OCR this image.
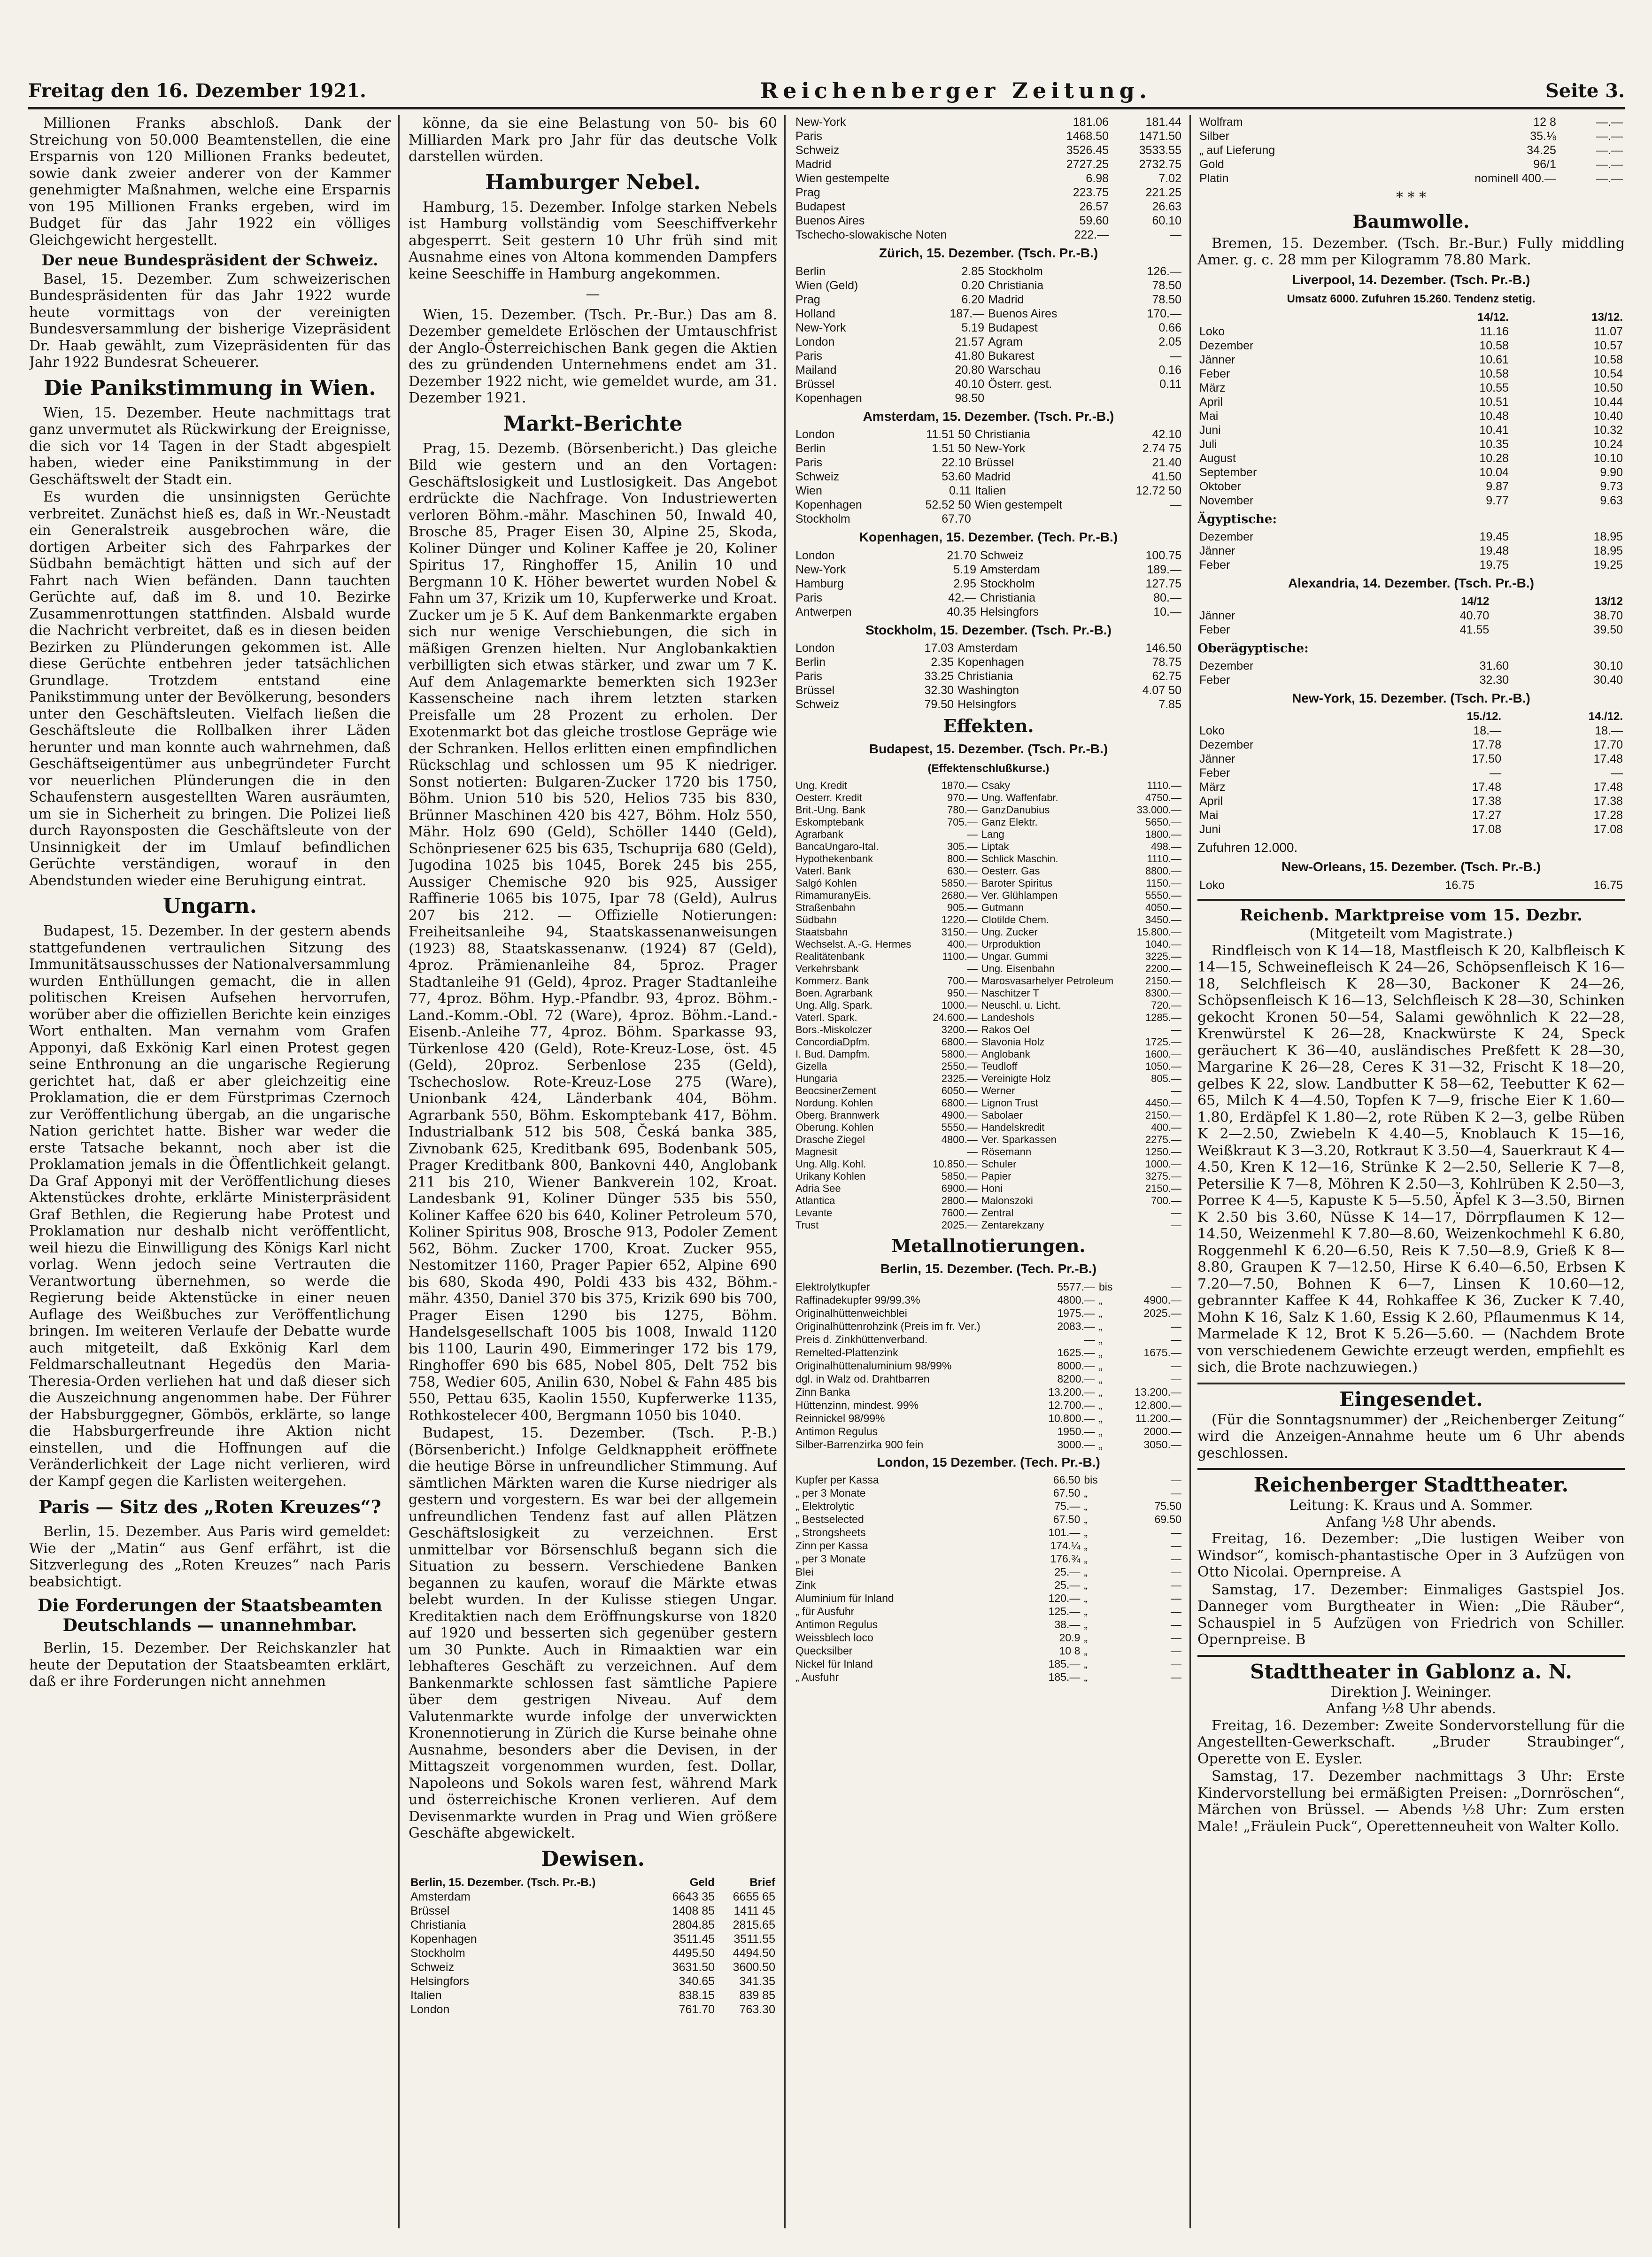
Freitag den 16. Dezember 1921.	Reichenberger Zeitung.	Seite 3.

Millionen Franks abschloß. Dank der Streichung von 50.000 Beamtenstellen, die eine Ersparnis von 120 Millionen Franks bedeutet, sowie dank zweier anderer von der Kammer genehmigter Maßnahmen, welche eine Ersparnis von 195 Millionen Franks ergeben, wird im Budget für das Jahr 1922 ein völliges Gleichgewicht hergestellt.

Der neue Bundespräsident der Schweiz.

Basel, 15. Dezember. Zum schweizerischen Bundespräsidenten für das Jahr 1922 wurde heute vormittags von der vereinigten Bundesversammlung der bisherige Vizepräsident Dr. Haab gewählt, zum Vizepräsidenten für das Jahr 1922 Bundesrat Scheuerer.

Die Panikstimmung in Wien.

Wien, 15. Dezember. Heute nachmittags trat ganz unvermutet als Rückwirkung der Ereignisse, die sich vor 14 Tagen in der Stadt abgespielt haben, wieder eine Panikstimmung in der Geschäftswelt der Stadt ein.

Es wurden die unsinnigsten Gerüchte verbreitet. Zunächst hieß es, daß in Wr.-Neustadt ein Generalstreik ausgebrochen wäre, die dortigen Arbeiter sich des Fahrparkes der Südbahn bemächtigt hätten und sich auf der Fahrt nach Wien befänden. Dann tauchten Gerüchte auf, daß im 8. und 10. Bezirke Zusammenrottungen stattfinden. Alsbald wurde die Nachricht verbreitet, daß es in diesen beiden Bezirken zu Plünderungen gekommen ist. Alle diese Gerüchte entbehren jeder tatsächlichen Grundlage. Trotzdem entstand eine Panikstimmung unter der Bevölkerung, besonders unter den Geschäftsleuten. Vielfach ließen die Geschäftsleute die Rollbalken ihrer Läden herunter und man konnte auch wahrnehmen, daß Geschäftseigentümer aus unbegründeter Furcht vor neuerlichen Plünderungen die in den Schaufenstern ausgestellten Waren ausräumten, um sie in Sicherheit zu bringen. Die Polizei ließ durch Rayonsposten die Geschäftsleute von der Unsinnigkeit der im Umlauf befindlichen Gerüchte verständigen, worauf in den Abendstunden wieder eine Beruhigung eintrat.

Ungarn.

Budapest, 15. Dezember. In der gestern abends stattgefundenen vertraulichen Sitzung des Immunitätsausschusses der Nationalversammlung wurden Enthüllungen gemacht, die in allen politischen Kreisen Aufsehen hervorrufen, worüber aber die offiziellen Berichte kein einziges Wort enthalten. Man vernahm vom Grafen Apponyi, daß Exkönig Karl einen Protest gegen seine Enthronung an die ungarische Regierung gerichtet hat, daß er aber gleichzeitig eine Proklamation, die er dem Fürstprimas Czernoch zur Veröffentlichung übergab, an die ungarische Nation gerichtet hatte. Bisher war weder die erste Tatsache bekannt, noch aber ist die Proklamation jemals in die Öffentlichkeit gelangt. Da Graf Apponyi mit der Veröffentlichung dieses Aktenstückes drohte, erklärte Ministerpräsident Graf Bethlen, die Regierung habe Protest und Proklamation nur deshalb nicht veröffentlicht, weil hiezu die Einwilligung des Königs Karl nicht vorlag. Wenn jedoch seine Vertrauten die Verantwortung übernehmen, so werde die Regierung beide Aktenstücke in einer neuen Auflage des Weißbuches zur Veröffentlichung bringen. Im weiteren Verlaufe der Debatte wurde auch mitgeteilt, daß Exkönig Karl dem Feldmarschalleutnant Hegedüs den Maria-Theresia-Orden verliehen hat und daß dieser sich die Auszeichnung angenommen habe. Der Führer der Habsburggegner, Gömbös, erklärte, so lange die Habsburgerfreunde ihre Aktion nicht einstellen, und die Hoffnungen auf die Veränderlichkeit der Lage nicht verlieren, wird der Kampf gegen die Karlisten weitergehen.

Paris — Sitz des „Roten Kreuzes“?

Berlin, 15. Dezember. Aus Paris wird gemeldet: Wie der „Matin“ aus Genf erfährt, ist die Sitzverlegung des „Roten Kreuzes“ nach Paris beabsichtigt.

Die Forderungen der Staatsbeamten Deutschlands — unannehmbar.

Berlin, 15. Dezember. Der Reichskanzler hat heute der Deputation der Staatsbeamten erklärt, daß er ihre Forderungen nicht annehmen

könne, da sie eine Belastung von 50- bis 60 Milliarden Mark pro Jahr für das deutsche Volk darstellen würden.

Hamburger Nebel.

Hamburg, 15. Dezember. Infolge starken Nebels ist Hamburg vollständig vom Seeschiffverkehr abgesperrt. Seit gestern 10 Uhr früh sind mit Ausnahme eines von Altona kommenden Dampfers keine Seeschiffe in Hamburg angekommen.

—

Wien, 15. Dezember. (Tsch. Pr.-Bur.) Das am 8. Dezember gemeldete Erlöschen der Umtauschfrist der Anglo-Österreichischen Bank gegen die Aktien des zu gründenden Unternehmens endet am 31. Dezember 1922 nicht, wie gemeldet wurde, am 31. Dezember 1921.

Markt-Berichte

Prag, 15. Dezemb. (Börsenbericht.) Das gleiche Bild wie gestern und an den Vortagen: Geschäftslosigkeit und Lustlosigkeit. Das Angebot erdrückte die Nachfrage. Von Industriewerten verloren Böhm.-mähr. Maschinen 50, Inwald 40, Brosche 85, Prager Eisen 30, Alpine 25, Skoda, Koliner Dünger und Koliner Kaffee je 20, Koliner Spiritus 17, Ringhoffer 15, Anilin 10 und Bergmann 10 K. Höher bewertet wurden Nobel & Fahn um 37, Krizik um 10, Kupferwerke und Kroat. Zucker um je 5 K. Auf dem Bankenmarkte ergaben sich nur wenige Verschiebungen, die sich in mäßigen Grenzen hielten. Nur Anglobankaktien verbilligten sich etwas stärker, und zwar um 7 K. Auf dem Anlagemarkte bemerkten sich 1923er Kassenscheine nach ihrem letzten starken Preisfalle um 28 Prozent zu erholen. Der Exotenmarkt bot das gleiche trostlose Gepräge wie der Schranken. Hellos erlitten einen empfindlichen Rückschlag und schlossen um 95 K niedriger. Sonst notierten: Bulgaren-Zucker 1720 bis 1750, Böhm. Union 510 bis 520, Helios 735 bis 830, Brünner Maschinen 420 bis 427, Böhm. Holz 550, Mähr. Holz 690 (Geld), Schöller 1440 (Geld), Schönpriesener 625 bis 635, Tschuprija 680 (Geld), Jugodina 1025 bis 1045, Borek 245 bis 255, Aussiger Chemische 920 bis 925, Aussiger Raffinerie 1065 bis 1075, Ipar 78 (Geld), Aulrus 207 bis 212. — Offizielle Notierungen: Freiheitsanleihe 94, Staatskassenanweisungen (1923) 88, Staatskassenanw. (1924) 87 (Geld), 4proz. Prämienanleihe 84, 5proz. Prager Stadtanleihe 91 (Geld), 4proz. Prager Stadtanleihe 77, 4proz. Böhm. Hyp.-Pfandbr. 93, 4proz. Böhm.-Land.-Komm.-Obl. 72 (Ware), 4proz. Böhm.-Land.-Eisenb.-Anleihe 77, 4proz. Böhm. Sparkasse 93, Türkenlose 420 (Geld), Rote-Kreuz-Lose, öst. 45 (Geld), 20proz. Serbenlose 235 (Geld), Tschechoslow. Rote-Kreuz-Lose 275 (Ware), Unionbank 424, Länderbank 404, Böhm. Agrarbank 550, Böhm. Eskomptebank 417, Böhm. Industrialbank 512 bis 508, Česká banka 385, Zivnobank 625, Kreditbank 695, Bodenbank 505, Prager Kreditbank 800, Bankovni 440, Anglobank 211 bis 210, Wiener Bankverein 102, Kroat. Landesbank 91, Koliner Dünger 535 bis 550, Koliner Kaffee 620 bis 640, Koliner Petroleum 570, Koliner Spiritus 908, Brosche 913, Podoler Zement 562, Böhm. Zucker 1700, Kroat. Zucker 955, Nestomitzer 1160, Prager Papier 652, Alpine 690 bis 680, Skoda 490, Poldi 433 bis 432, Böhm.-mähr. 4350, Daniel 370 bis 375, Krizik 690 bis 700, Prager Eisen 1290 bis 1275, Böhm. Handelsgesellschaft 1005 bis 1008, Inwald 1120 bis 1100, Laurin 490, Eimmeringer 172 bis 179, Ringhoffer 690 bis 685, Nobel 805, Delt 752 bis 758, Wedier 605, Anilin 630, Nobel & Fahn 485 bis 550, Pettau 635, Kaolin 1550, Kupferwerke 1135, Rothkostelecer 400, Bergmann 1050 bis 1040.

Budapest, 15. Dezember. (Tsch. P.-B.) (Börsenbericht.) Infolge Geldknappheit eröffnete die heutige Börse in unfreundlicher Stimmung. Auf sämtlichen Märkten waren die Kurse niedriger als gestern und vorgestern. Es war bei der allgemein unfreundlichen Tendenz fast auf allen Plätzen Geschäftslosigkeit zu verzeichnen. Erst unmittelbar vor Börsenschluß begann sich die Situation zu bessern. Verschiedene Banken begannen zu kaufen, worauf die Märkte etwas belebt wurden. In der Kulisse stiegen Ungar. Kreditaktien nach dem Eröffnungskurse von 1820 auf 1920 und besserten sich gegenüber gestern um 30 Punkte. Auch in Rimaaktien war ein lebhafteres Geschäft zu verzeichnen. Auf dem Bankenmarkte schlossen fast sämtliche Papiere über dem gestrigen Niveau. Auf dem Valutenmarkte wurde infolge der unverwickten Kronennotierung in Zürich die Kurse beinahe ohne Ausnahme, besonders aber die Devisen, in der Mittagszeit vorgenommen wurden, fest. Dollar, Napoleons und Sokols waren fest, während Mark und österreichische Kronen verlieren. Auf dem Devisenmarkte wurden in Prag und Wien größere Geschäfte abgewickelt.

Dewisen.
Berlin, 15. Dezember. (Tsch. Pr.-B.)	Geld	Brief
Amsterdam	6643 35	6655 65
Brüssel	1408 85	1411 45
Christiania	2804.85	2815.65
Kopenhagen	3511.45	3511.55
Stockholm	4495.50	4494.50
Schweiz	3631.50	3600.50
Helsingfors	340.65	341.35
Italien	838.15	839 85
London	761.70	763.30
New-York	181.06	181.44
Paris	1468.50	1471.50
Schweiz	3526.45	3533.55
Madrid	2727.25	2732.75
Wien gestempelte	6.98	7.02
Prag	223.75	221.25
Budapest	26.57	26.63
Buenos Aires	59.60	60.10
Tschecho-slowakische Noten	222.—	—
Zürich, 15. Dezember. (Tsch. Pr.-B.)
Berlin	2.85	Stockholm	126.—
Wien (Geld)	0.20	Christiania	78.50
Prag	6.20	Madrid	78.50
Holland	187.—	Buenos Aires	170.—
New-York	5.19	Budapest	0.66
London	21.57	Agram	2.05
Paris	41.80	Bukarest	—
Mailand	20.80	Warschau	0.16
Brüssel	40.10	Österr. gest.	0.11
Kopenhagen	98.50		
Amsterdam, 15. Dezember. (Tsch. Pr.-B.)
London	11.51 50	Christiania	42.10
Berlin	1.51 50	New-York	2.74 75
Paris	22.10	Brüssel	21.40
Schweiz	53.60	Madrid	41.50
Wien	0.11	Italien	12.72 50
Kopenhagen	52.52 50	Wien gestempelt	—
Stockholm	67.70		
Kopenhagen, 15. Dezember. (Tech. Pr.-B.)
London	21.70	Schweiz	100.75
New-York	5.19	Amsterdam	189.—
Hamburg	2.95	Stockholm	127.75
Paris	42.—	Christiania	80.—
Antwerpen	40.35	Helsingfors	10.—
Stockholm, 15. Dezember. (Tsch. Pr.-B.)
London	17.03	Amsterdam	146.50
Berlin	2.35	Kopenhagen	78.75
Paris	33.25	Christiania	62.75
Brüssel	32.30	Washington	4.07 50
Schweiz	79.50	Helsingfors	7.85
Effekten.
Budapest, 15. Dezember. (Tsch. Pr.-B.)
(Effektenschlußkurse.)
Ung. Kredit	1870.—	Csaky	1110.—
Oesterr. Kredit	970.—	Ung. Waffenfabr.	4750.—
Brit.-Ung. Bank	780.—	GanzDanubius	33.000.—
Eskomptebank	705.—	Ganz Elektr.	5650.—
Agrarbank	—	Lang	1800.—
BancaUngaro-Ital.	305.—	Liptak	498.—
Hypothekenbank	800.—	Schlick Maschin.	1110.—
Vaterl. Bank	630.—	Oesterr. Gas	8800.—
Salgó Kohlen	5850.—	Baroter Spiritus	1150.—
RimamuranyEis.	2680.—	Ver. Glühlampen	5550.—
Straßenbahn	905.—	Gutmann	4050.—
Südbahn	1220.—	Clotilde Chem.	3450.—
Staatsbahn	3150.—	Ung. Zucker	15.800.—
Wechselst. A.-G. Hermes	400.—	Urproduktion	1040.—
Realitätenbank	1100.—	Ungar. Gummi	3225.—
Verkehrsbank	—	Ung. Eisenbahn	2200.—
Kommerz. Bank	700.—	Marosvasarhelyer Petroleum	2150.—
Boen. Agrarbank	950.—	Naschitzer T	8300.—
Ung. Allg. Spark.	1000.—	Neuschl. u. Licht.	720.—
Vaterl. Spark.	24.600.—	Landeshols	1285.—
Bors.-Miskolczer	3200.—	Rakos Oel	—
ConcordiaDpfm.	6800.—	Slavonia Holz	1725.—
I. Bud. Dampfm.	5800.—	Anglobank	1600.—
Gizella	2550.—	Teudloff	1050.—
Hungaria	2325.—	Vereinigte Holz	805.—
BeocsinerZement	6050.—	Werner	—
Nordung. Kohlen	6800.—	Lignon Trust	4450.—
Oberg. Brannwerk	4900.—	Sabolaer	2150.—
Oberung. Kohlen	5550.—	Handelskredit	400.—
Drasche Ziegel	4800.—	Ver. Sparkassen	2275.—
Magnesit	—	Rösemann	1250.—
Ung. Allg. Kohl.	10.850.—	Schuler	1000.—
Urikany Kohlen	5850.—	Papier	3275.—
Adria See	6900.—	Honi	2150.—
Atlantica	2800.—	Malonszoki	700.—
Levante	7600.—	Zentral	—
Trust	2025.—	Zentarekzany	—
Metallnotierungen.
Berlin, 15. Dezember. (Tech. Pr.-B.)
Elektrolytkupfer	5577.—	bis	—
Raffinadekupfer 99/99.3%	4800.—	„	4900.—
Originalhüttenweichblei	1975.—	„	2025.—
Originalhüttenrohzink (Preis im fr. Ver.)	2083.—	„	—
Preis d. Zinkhüttenverband.	—	„	—
Remelted-Plattenzink	1625.—	„	1675.—
Originalhüttenaluminium 98/99%	8000.—	„	—
dgl. in Walz od. Drahtbarren	8200.—	„	—
Zinn Banka	13.200.—	„	13.200.—
Hüttenzinn, mindest. 99%	12.700.—	„	12.800.—
Reinnickel 98/99%	10.800.—	„	11.200.—
Antimon Regulus	1950.—	„	2000.—
Silber-Barrenzirka 900 fein	3000.—	„	3050.—
London, 15 Dezember. (Tech. Pr.-B.)
Kupfer per Kassa	66.50	bis	—
„ per 3 Monate	67.50	„	—
„ Elektrolytic	75.—	„	75.50
„ Bestselected	67.50	„	69.50
„ Strongsheets	101.—	„	—
Zinn per Kassa	174.¼	„	—
„ per 3 Monate	176.¾	„	—
Blei	25.—	„	—
Zink	25.—	„	—
Aluminium für Inland	120.—	„	—
„ für Ausfuhr	125.—	„	—
Antimon Regulus	38.—	„	—
Weissblech loco	20.9	„	—
Quecksilber	10 8	„	—
Nickel für Inland	185.—	„	—
„ Ausfuhr	185.—	„	—
Wolfram	12 8	—.—
Silber	35.⅛	—.—
„ auf Lieferung	34.25	—.—
Gold	96/1	—.—
Platin	nominell 400.—	—.—
* * *
Baumwolle.

Bremen, 15. Dezember. (Tsch. Br.-Bur.) Fully middling Amer. g. c. 28 mm per Kilogramm 78.80 Mark.

Liverpool, 14. Dezember. (Tsch. Pr.-B.)
Umsatz 6000. Zufuhren 15.260. Tendenz stetig.
	14/12.	13/12.
Loko	11.16	11.07
Dezember	10.58	10.57
Jänner	10.61	10.58
Feber	10.58	10.54
März	10.55	10.50
April	10.51	10.44
Mai	10.48	10.40
Juni	10.41	10.32
Juli	10.35	10.24
August	10.28	10.10
September	10.04	9.90
Oktober	9.87	9.73
November	9.77	9.63
Ägyptische:
Dezember	19.45	18.95
Jänner	19.48	18.95
Feber	19.75	19.25
Alexandria, 14. Dezember. (Tsch. Pr.-B.)
	14/12	13/12
Jänner	40.70	38.70
Feber	41.55	39.50
Oberägyptische:
Dezember	31.60	30.10
Feber	32.30	30.40
New-York, 15. Dezember. (Tsch. Pr.-B.)
	15./12.	14./12.
Loko	18.—	18.—
Dezember	17.78	17.70
Jänner	17.50	17.48
Feber	—	—
März	17.48	17.48
April	17.38	17.38
Mai	17.27	17.28
Juni	17.08	17.08
Zufuhren 12.000.
New-Orleans, 15. Dezember. (Tsch. Pr.-B.)
Loko	16.75	16.75
Reichenb. Marktpreise vom 15. Dezbr.
(Mitgeteilt vom Magistrate.)

Rindfleisch von K 14—18, Mastfleisch K 20, Kalbfleisch K 14—15, Schweinefleisch K 24—26, Schöpsenfleisch K 16—18, Selchfleisch K 28—30, Backoner K 24—26, Schöpsenfleisch K 16—13, Selchfleisch K 28—30, Schinken gekocht Kronen 50—54, Salami gewöhnlich K 22—28, Krenwürstel K 26—28, Knackwürste K 24, Speck geräuchert K 36—40, ausländisches Preßfett K 28—30, Margarine K 26—28, Ceres K 31—32, Frischt K 18—20, gelbes K 22, slow. Landbutter K 58—62, Teebutter K 62—65, Milch K 4—4.50, Topfen K 7—9, frische Eier K 1.60—1.80, Erdäpfel K 1.80—2, rote Rüben K 2—3, gelbe Rüben K 2—2.50, Zwiebeln K 4.40—5, Knoblauch K 15—16, Weißkraut K 3—3.20, Rotkraut K 3.50—4, Sauerkraut K 4—4.50, Kren K 12—16, Strünke K 2—2.50, Sellerie K 7—8, Petersilie K 7—8, Möhren K 2.50—3, Kohlrüben K 2.50—3, Porree K 4—5, Kapuste K 5—5.50, Äpfel K 3—3.50, Birnen K 2.50 bis 3.60, Nüsse K 14—17, Dörrpflaumen K 12—14.50, Weizenmehl K 7.80—8.60, Weizenkochmehl K 6.80, Roggenmehl K 6.20—6.50, Reis K 7.50—8.9, Grieß K 8—8.80, Graupen K 7—12.50, Hirse K 6.40—6.50, Erbsen K 7.20—7.50, Bohnen K 6—7, Linsen K 10.60—12, gebrannter Kaffee K 44, Rohkaffee K 36, Zucker K 7.40, Mohn K 16, Salz K 1.60, Essig K 2.60, Pflaumenmus K 14, Marmelade K 12, Brot K 5.26—5.60. — (Nachdem Brote von verschiedenem Gewichte erzeugt werden, empfiehlt es sich, die Brote nachzuwiegen.)

Eingesendet.

(Für die Sonntagsnummer) der „Reichenberger Zeitung“ wird die Anzeigen-Annahme heute um 6 Uhr abends geschlossen.

Reichenberger Stadttheater.
Leitung: K. Kraus und A. Sommer.
Anfang ½8 Uhr abends.

Freitag, 16. Dezember: „Die lustigen Weiber von Windsor“, komisch-phantastische Oper in 3 Aufzügen von Otto Nicolai. Opernpreise. A

Samstag, 17. Dezember: Einmaliges Gastspiel Jos. Danneger vom Burgtheater in Wien: „Die Räuber“, Schauspiel in 5 Aufzügen von Friedrich von Schiller. Opernpreise. B

Stadttheater in Gablonz a. N.
Direktion J. Weininger.
Anfang ½8 Uhr abends.

Freitag, 16. Dezember: Zweite Sondervorstellung für die Angestellten-Gewerkschaft. „Bruder Straubinger“, Operette von E. Eysler.

Samstag, 17. Dezember nachmittags 3 Uhr: Erste Kindervorstellung bei ermäßigten Preisen: „Dornröschen“, Märchen von Brüssel. — Abends ½8 Uhr: Zum ersten Male! „Fräulein Puck“, Operettenneuheit von Walter Kollo.
